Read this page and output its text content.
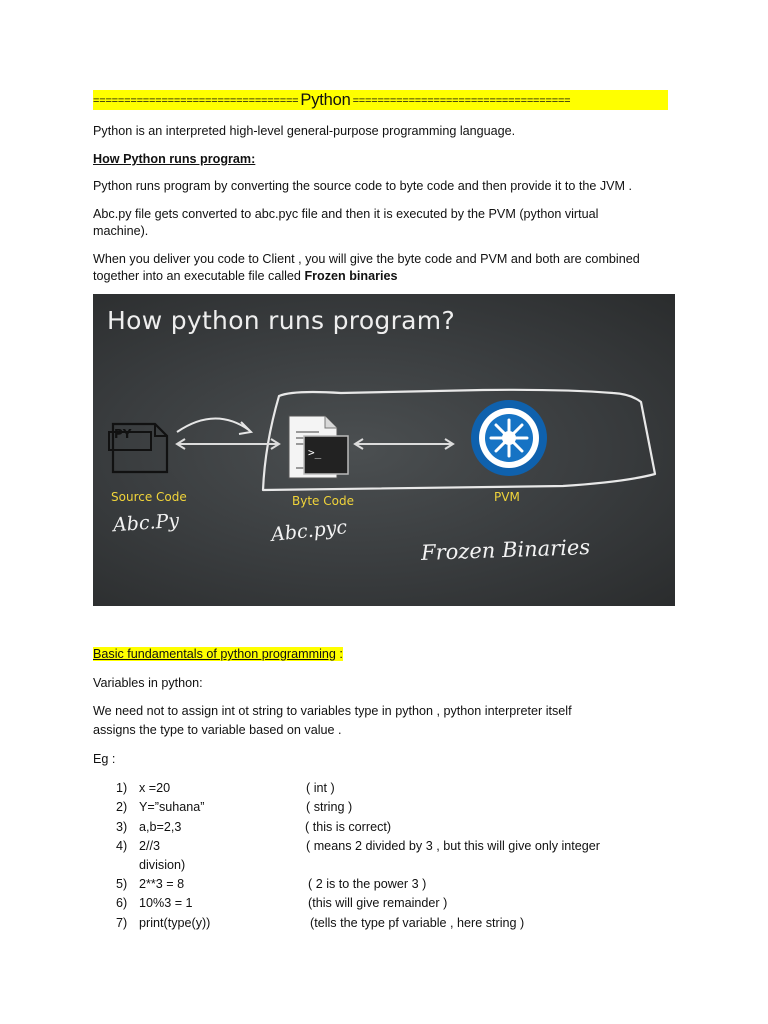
================================= Python ===================================
Python is an interpreted high-level general-purpose programming language.
How Python runs program:
Python runs program by converting the source code to byte code and then provide it to the JVM .
Abc.py file gets converted to abc.pyc file and then it is executed by the PVM (python virtual
machine).
When you deliver you code to Client , you will give the byte code and PVM and both are combined
together into an executable file called Frozen binaries
How python runs program?
PY
>_
Source Code	Byte Code	PVM
Abc.Py	Abc.pyc
Frozen Binaries
Basic fundamentals of python programming :
Variables in python:
We need not to assign int ot string to variables type in python , python interpreter itself
assigns the type to variable based on value .
Eg :
1) x =20	( int )
2) Y=”suhana”	( string )
3) a,b=2,3	( this is correct)
4) 2//3	( means 2 divided by 3 , but this will give only integer
division)
5) 2**3 = 8	( 2 is to the power 3 )
6) 10%3 = 1	(this will give remainder )
7) print(type(y))	(tells the type pf variable , here string )
